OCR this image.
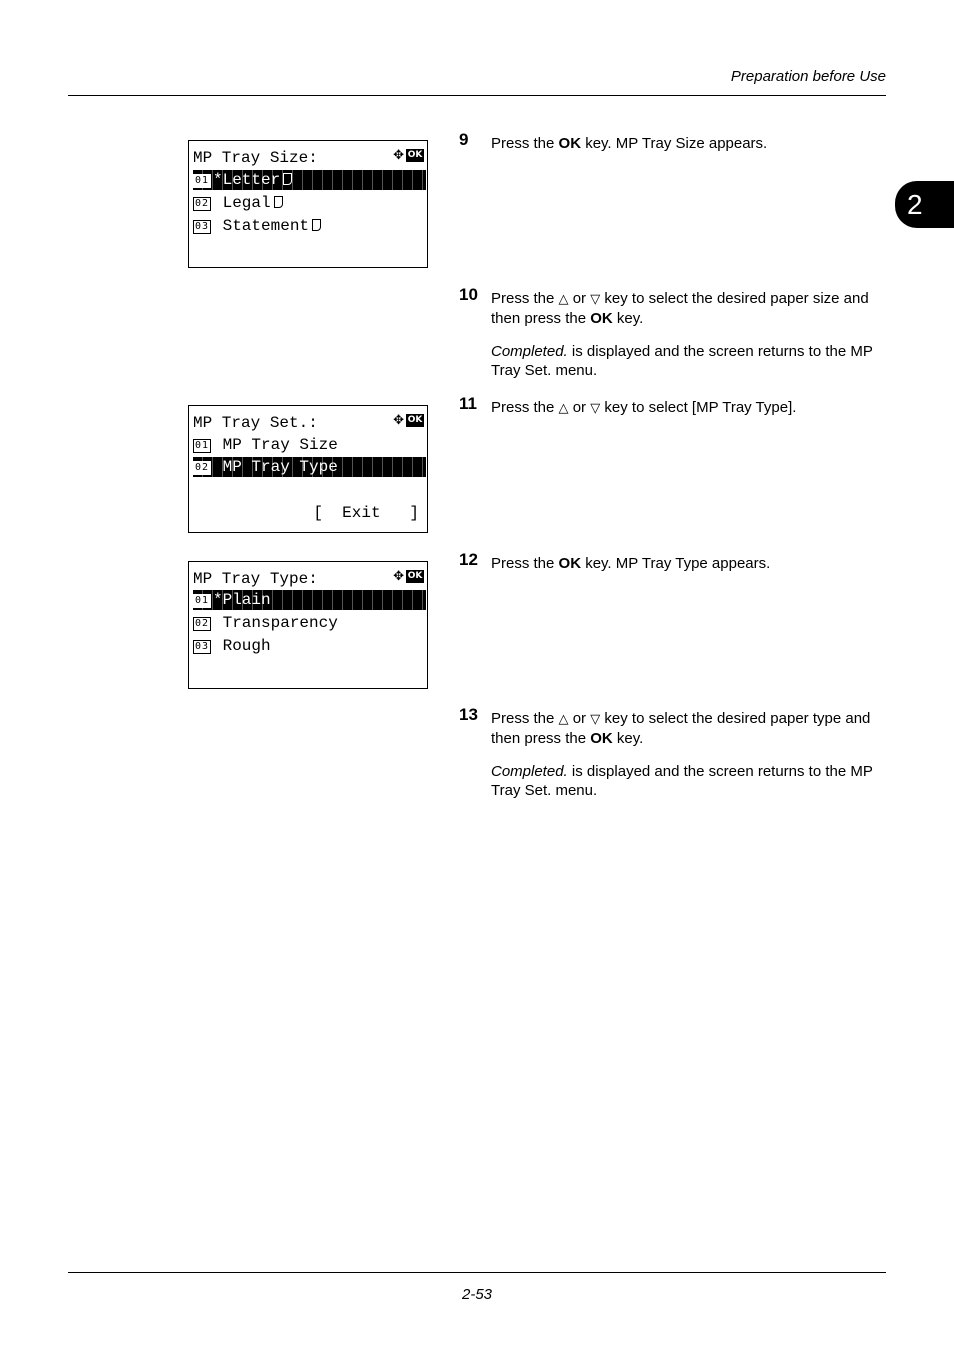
Preparation before Use
2
MP Tray Size:	✥ OK
01 *Letter
02 Legal
03 Statement
MP Tray Set.:	✥ OK
01 MP Tray Size
02 MP Tray Type
[  Exit   ]
MP Tray Type:	✥ OK
01 *Plain
02 Transparency
03 Rough
9 Press the OK key. MP Tray Size appears.
10 Press the △ or ▽ key to select the desired paper size and then press the OK key.
Completed. is displayed and the screen returns to the MP Tray Set. menu.
11 Press the △ or ▽ key to select [MP Tray Type].
12 Press the OK key. MP Tray Type appears.
13 Press the △ or ▽ key to select the desired paper type and then press the OK key.
Completed. is displayed and the screen returns to the MP Tray Set. menu.
2-53
